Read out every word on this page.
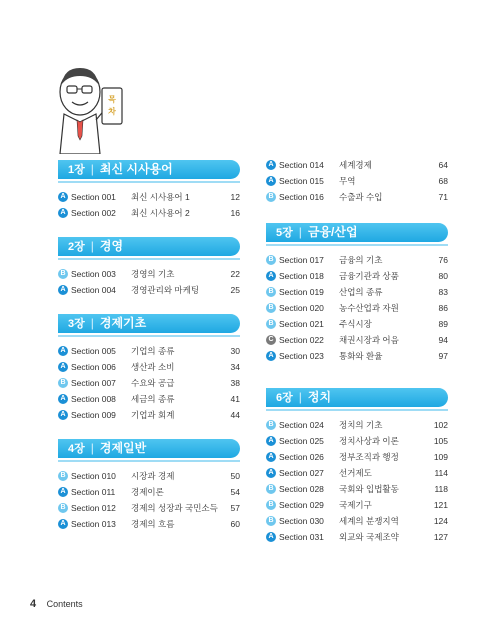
목
차
1장 | 최신 시사용어
A Section 001	최신 시사용어 1	12
A Section 002	최신 시사용어 2	16
2장 | 경영
B Section 003	경영의 기초	22
A Section 004	경영관리와 마케팅	25
3장 | 경제기초
A Section 005	기업의 종류	30
A Section 006	생산과 소비	34
B Section 007	수요와 공급	38
A Section 008	세금의 종류	41
A Section 009	기업과 회계	44
4장 | 경제일반
B Section 010	시장과 경제	50
A Section 011	경제이론	54
B Section 012	경제의 성장과 국민소득	57
A Section 013	경제의 흐름	60
A Section 014	세계경제	64
A Section 015	무역	68
B Section 016	수출과 수입	71
5장 | 금융/산업
B Section 017	금융의 기초	76
A Section 018	금융기관과 상품	80
B Section 019	산업의 종류	83
B Section 020	농수산업과 자원	86
B Section 021	주식시장	89
C Section 022	채권시장과 어음	94
A Section 023	통화와 환율	97
6장 | 정치
B Section 024	정치의 기초	102
A Section 025	정치사상과 이론	105
A Section 026	정부조직과 행정	109
A Section 027	선거제도	114
B Section 028	국회와 입법활동	118
B Section 029	국제기구	121
B Section 030	세계의 분쟁지역	124
A Section 031	외교와 국제조약	127
4 Contents
